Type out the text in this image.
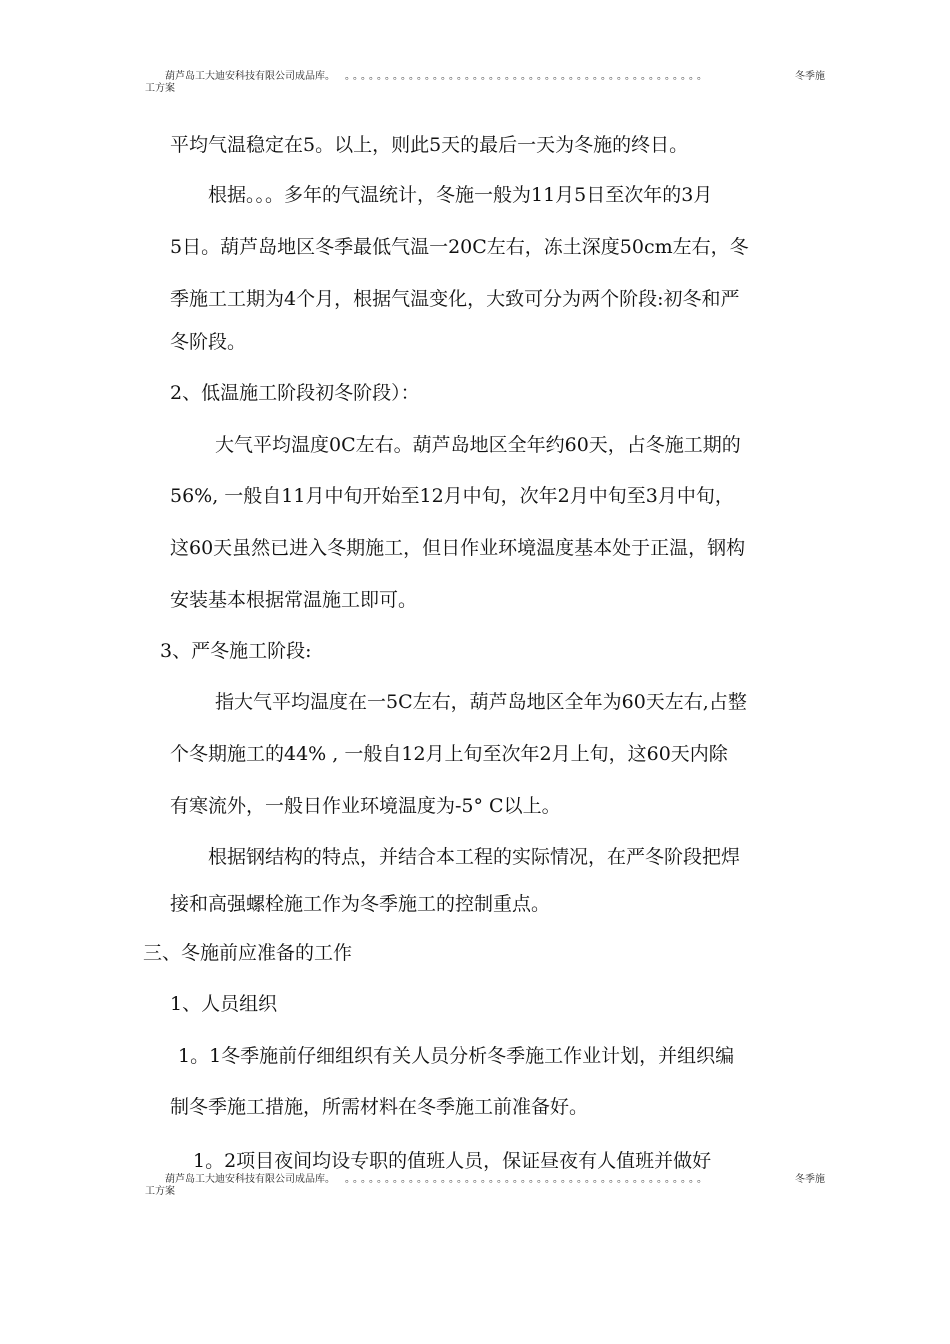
葫芦岛工大迪安科技有限公司成品库。 。。。。。。。。。。。。。。。。。。。。。。。。。。。。。。。。。。。。。。。。。。。。。	冬季施
工方案
平均气温稳定在5。以上，则此5天的最后一天为冬施的终日。
根据。。。多年的气温统计，冬施一般为11月5日至次年的3月
5日。葫芦岛地区冬季最低气温一20C左右，冻土深度50cm左右，冬
季施工工期为4个月，根据气温变化，大致可分为两个阶段:初冬和严
冬阶段。
2、低温施工阶段初冬阶段）：
大气平均温度0C左右。葫芦岛地区全年约60天，占冬施工期的
56%, 一般自11月中旬开始至12月中旬，次年2月中旬至3月中旬，
这60天虽然已进入冬期施工，但日作业环境温度基本处于正温，钢构
安装基本根据常温施工即可。
3、严冬施工阶段:
指大气平均温度在一5C左右，葫芦岛地区全年为60天左右,占整
个冬期施工的44% , 一般自12月上旬至次年2月上旬，这60天内除
有寒流外，一般日作业环境温度为-5° C以上。
根据钢结构的特点，并结合本工程的实际情况，在严冬阶段把焊
接和高强螺栓施工作为冬季施工的控制重点。
三、冬施前应准备的工作
1、人员组织
1。1冬季施前仔细组织有关人员分析冬季施工作业计划，并组织编
制冬季施工措施，所需材料在冬季施工前准备好。
1。2项目夜间均设专职的值班人员，保证昼夜有人值班并做好
葫芦岛工大迪安科技有限公司成品库。 。。。。。。。。。。。。。。。。。。。。。。。。。。。。。。。。。。。。。。。。。。。。。	冬季施
工方案
